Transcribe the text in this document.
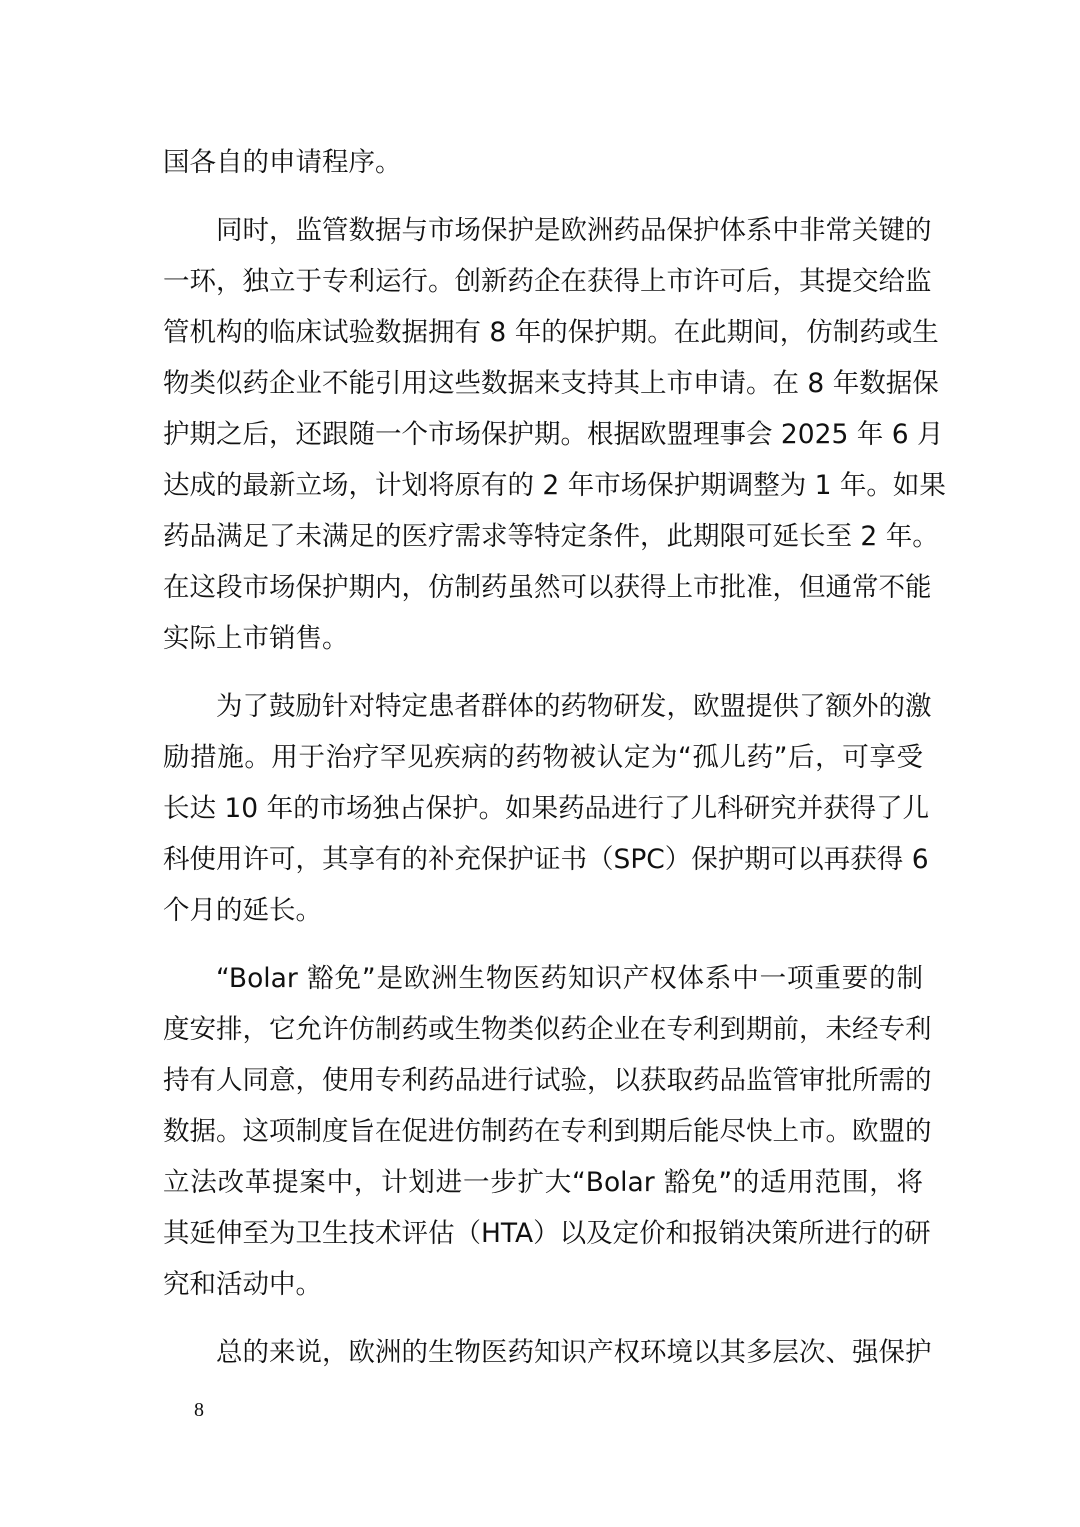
国各自的申请程序。
同时，监管数据与市场保护是欧洲药品保护体系中非常关键的
一环，独立于专利运行。创新药企在获得上市许可后，其提交给监
管机构的临床试验数据拥有 8 年的保护期。在此期间，仿制药或生
物类似药企业不能引用这些数据来支持其上市申请。在 8 年数据保
护期之后，还跟随一个市场保护期。根据欧盟理事会 2025 年 6 月
达成的最新立场，计划将原有的 2 年市场保护期调整为 1 年。如果
药品满足了未满足的医疗需求等特定条件，此期限可延长至 2 年。
在这段市场保护期内，仿制药虽然可以获得上市批准，但通常不能
实际上市销售。
为了鼓励针对特定患者群体的药物研发，欧盟提供了额外的激
励措施。用于治疗罕见疾病的药物被认定为“孤儿药”后，可享受
长达 10 年的市场独占保护。如果药品进行了儿科研究并获得了儿
科使用许可，其享有的补充保护证书（SPC）保护期可以再获得 6
个月的延长。
“Bolar 豁免”是欧洲生物医药知识产权体系中一项重要的制
度安排，它允许仿制药或生物类似药企业在专利到期前，未经专利
持有人同意，使用专利药品进行试验，以获取药品监管审批所需的
数据。这项制度旨在促进仿制药在专利到期后能尽快上市。欧盟的
立法改革提案中，计划进一步扩大“Bolar 豁免”的适用范围，将
其延伸至为卫生技术评估（HTA）以及定价和报销决策所进行的研
究和活动中。
总的来说，欧洲的生物医药知识产权环境以其多层次、强保护
8
